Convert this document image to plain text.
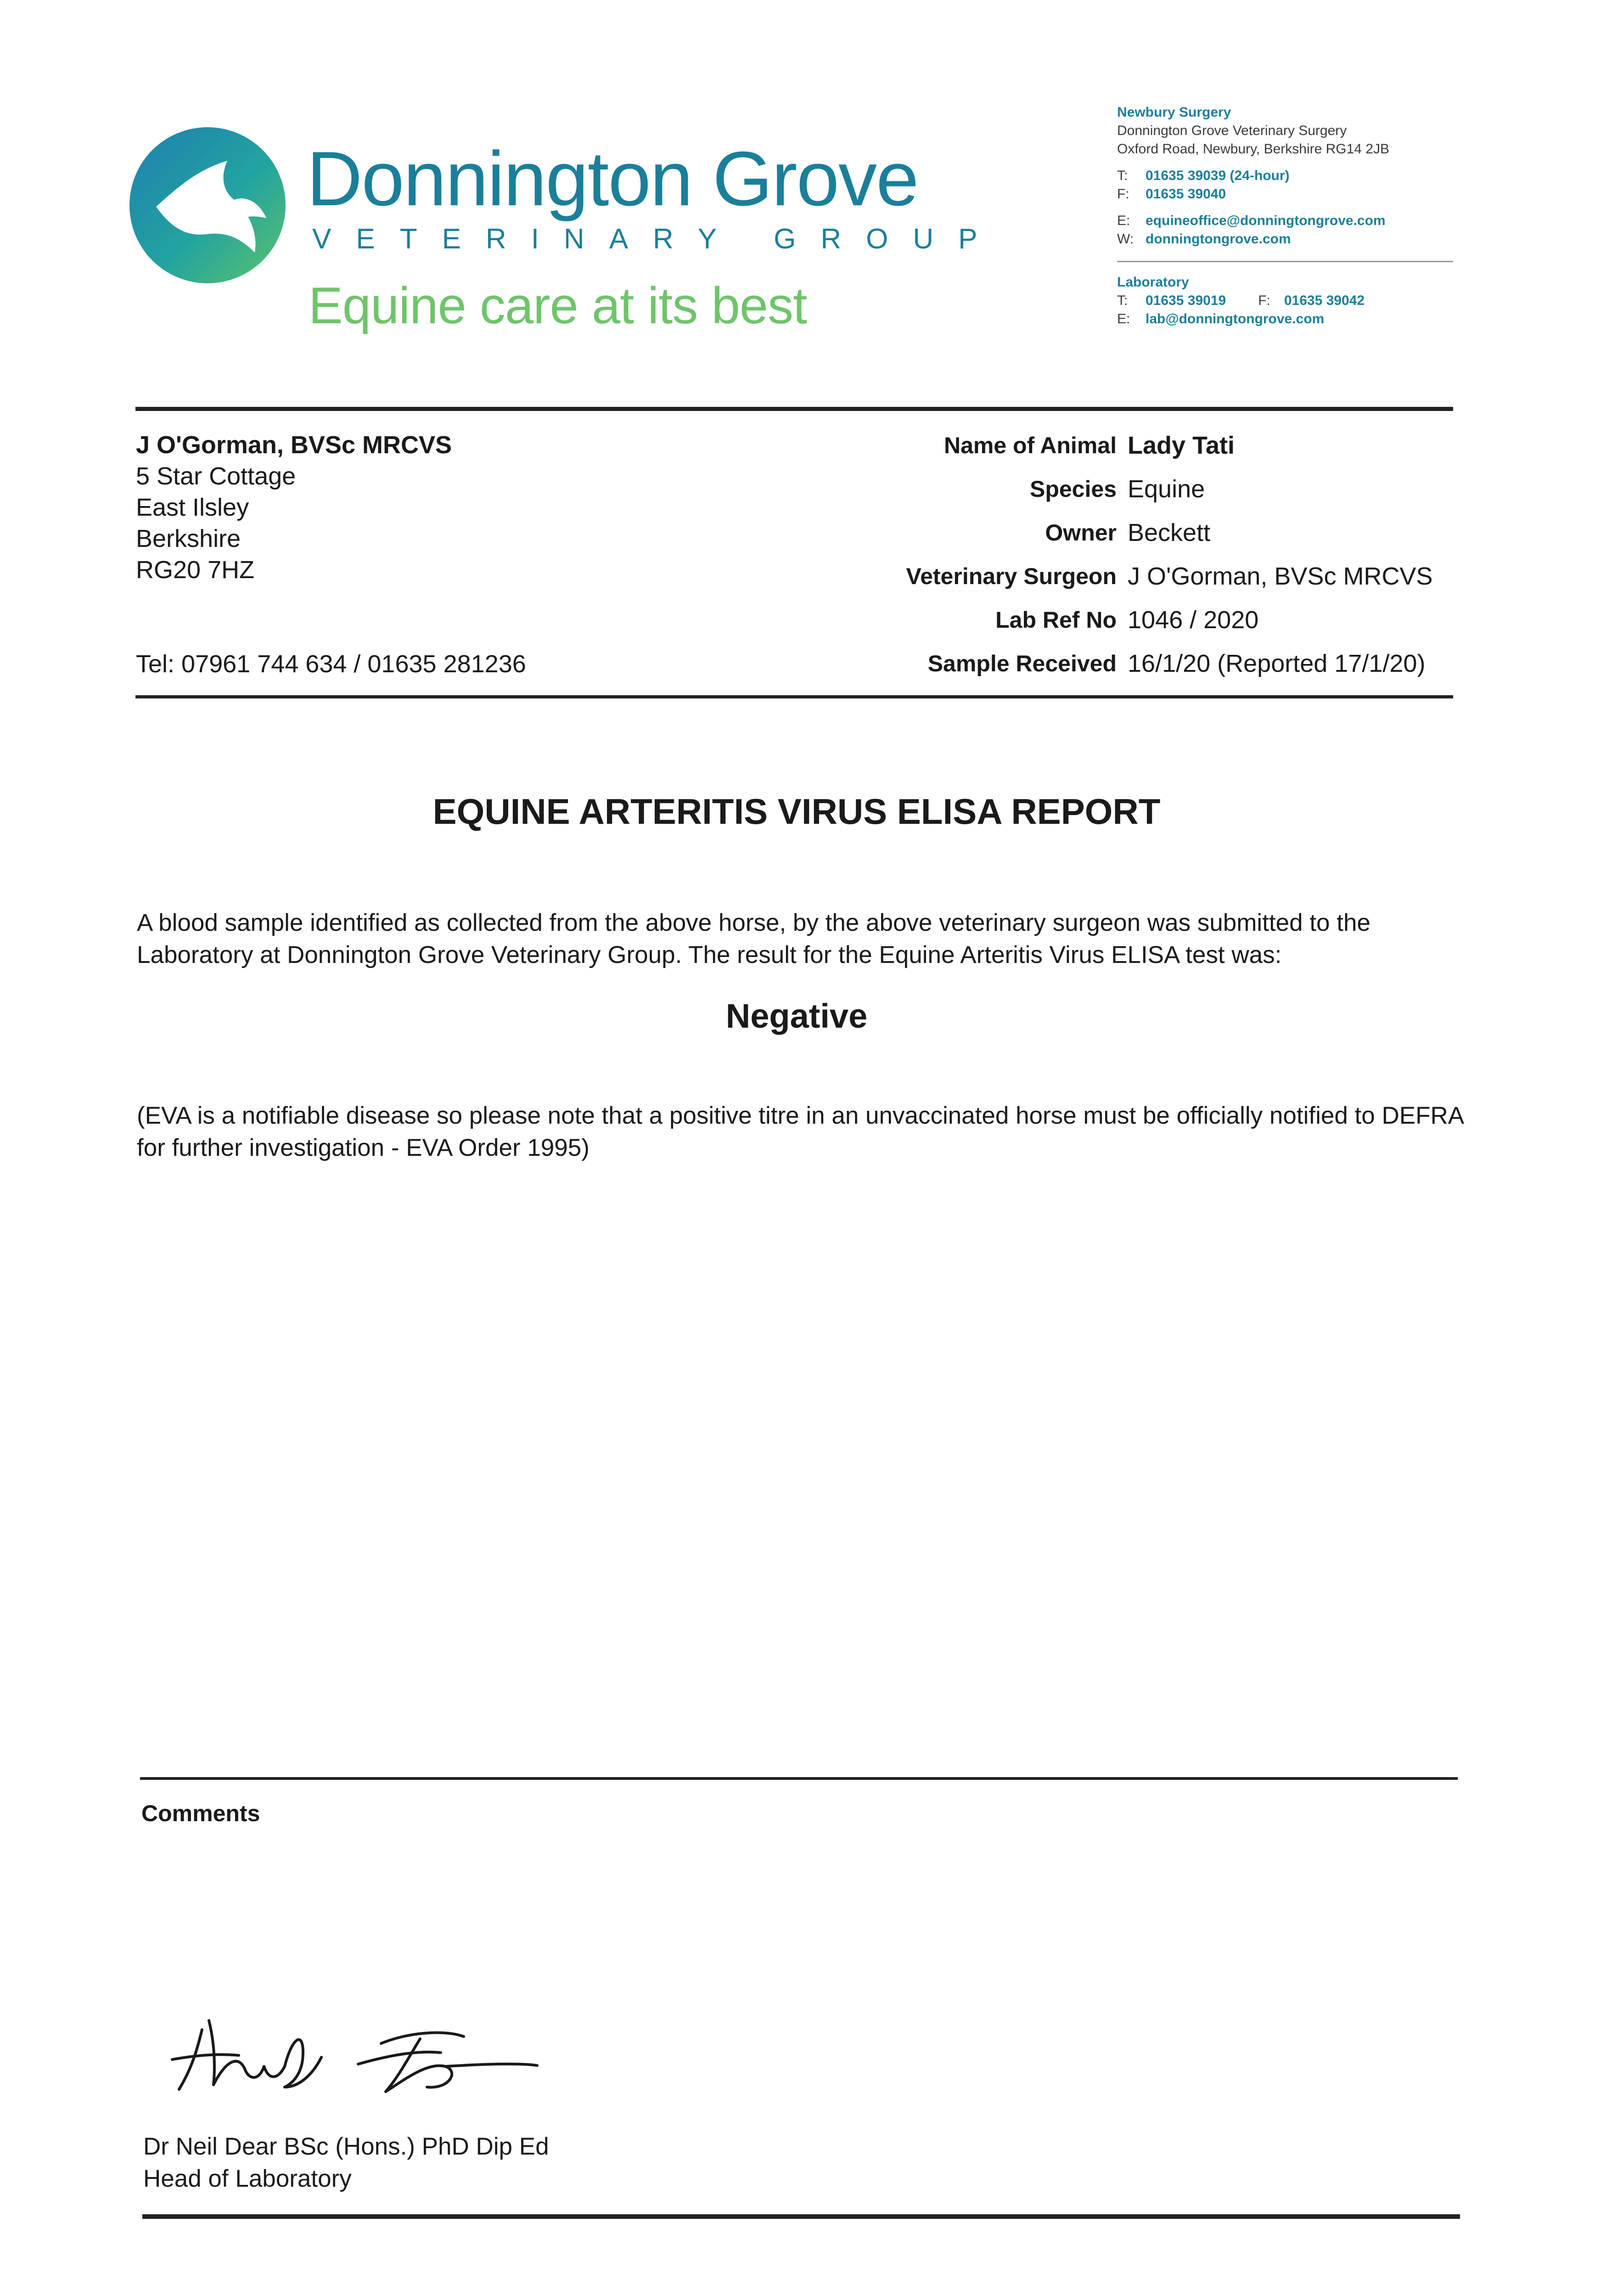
Donnington Grove
VETERINARY GROUP
Equine care at its best
Newbury Surgery
Donnington Grove Veterinary Surgery
Oxford Road, Newbury, Berkshire RG14 2JB
T: 01635 39039 (24-hour)
F: 01635 39040
E: equineoffice@donningtongrove.com
W: donningtongrove.com
Laboratory
T: 01635 39019 F: 01635 39042
E: lab@donningtongrove.com
J O'Gorman, BVSc MRCVS
5 Star Cottage
East Ilsley
Berkshire
RG20 7HZ
Tel: 07961 744 634 / 01635 281236
Name of Animal Lady Tati
Species Equine
Owner Beckett
Veterinary Surgeon J O'Gorman, BVSc MRCVS
Lab Ref No 1046 / 2020
Sample Received 16/1/20 (Reported 17/1/20)
EQUINE ARTERITIS VIRUS ELISA REPORT
A blood sample identified as collected from the above horse, by the above veterinary surgeon was submitted to the Laboratory at Donnington Grove Veterinary Group. The result for the Equine Arteritis Virus ELISA test was:
Negative
(EVA is a notifiable disease so please note that a positive titre in an unvaccinated horse must be officially notified to DEFRA for further investigation - EVA Order 1995)
Comments
Dr Neil Dear BSc (Hons.) PhD Dip Ed
Head of Laboratory
